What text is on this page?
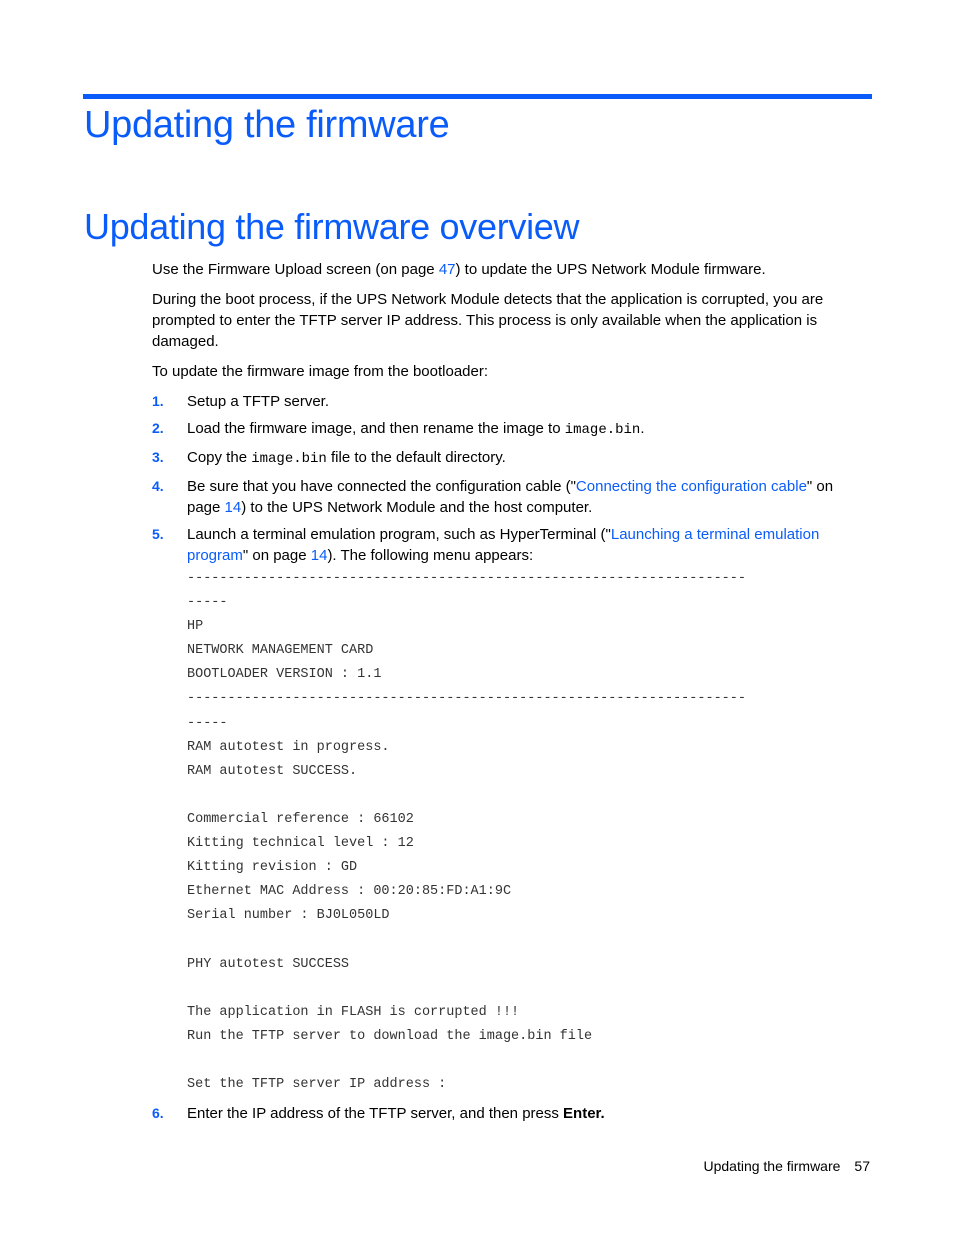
Updating the firmware
Updating the firmware overview

Use the Firmware Upload screen (on page 47) to update the UPS Network Module firmware.

During the boot process, if the UPS Network Module detects that the application is corrupted, you are prompted to enter the TFTP server IP address. This process is only available when the application is damaged.

To update the firmware image from the bootloader:

1. Setup a TFTP server.
2. Load the firmware image, and then rename the image to image.bin.
3. Copy the image.bin file to the default directory.
4. Be sure that you have connected the configuration cable ("Connecting the configuration cable" on page 14) to the UPS Network Module and the host computer.
5. Launch a terminal emulation program, such as HyperTerminal ("Launching a terminal emulation program" on page 14). The following menu appears:
---------------------------------------------------------------------
-----
HP
NETWORK MANAGEMENT CARD
BOOTLOADER VERSION : 1.1
---------------------------------------------------------------------
-----
RAM autotest in progress.
RAM autotest SUCCESS.

Commercial reference : 66102
Kitting technical level : 12
Kitting revision : GD
Ethernet MAC Address : 00:20:85:FD:A1:9C
Serial number : BJ0L050LD

PHY autotest SUCCESS

The application in FLASH is corrupted !!!
Run the TFTP server to download the image.bin file

Set the TFTP server IP address :
6. Enter the IP address of the TFTP server, and then press Enter.
Updating the firmware 57
